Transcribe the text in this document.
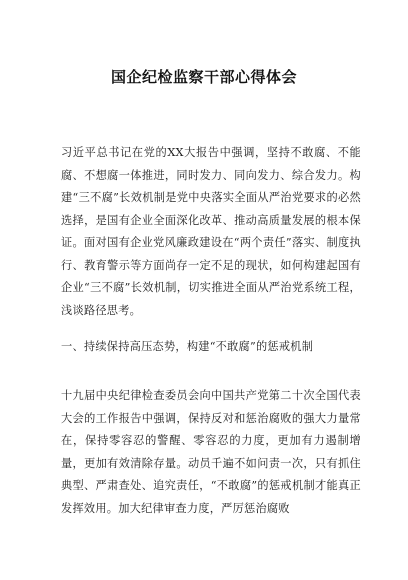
国企纪检监察干部心得体会

习近平总书记在党的XX大报告中强调，坚持不敢腐、不能腐、不想腐一体推进，同时发力、同向发力、综合发力。构建“三不腐”长效机制是党中央落实全面从严治党要求的必然选择，是国有企业全面深化改革、推动高质量发展的根本保证。面对国有企业党风廉政建设在“两个责任”落实、制度执行、教育警示等方面尚存一定不足的现状，如何构建起国有企业“三不腐”长效机制，切实推进全面从严治党系统工程，浅谈路径思考。

一、持续保持高压态势，构建“不敢腐”的惩戒机制

十九届中央纪律检查委员会向中国共产党第二十次全国代表大会的工作报告中强调，保持反对和惩治腐败的强大力量常在，保持零容忍的警醒、零容忍的力度，更加有力遏制增量，更加有效清除存量。动员千遍不如问责一次，只有抓住典型、严肃查处、追究责任，“不敢腐”的惩戒机制才能真正发挥效用。加大纪律审查力度，严厉惩治腐败
